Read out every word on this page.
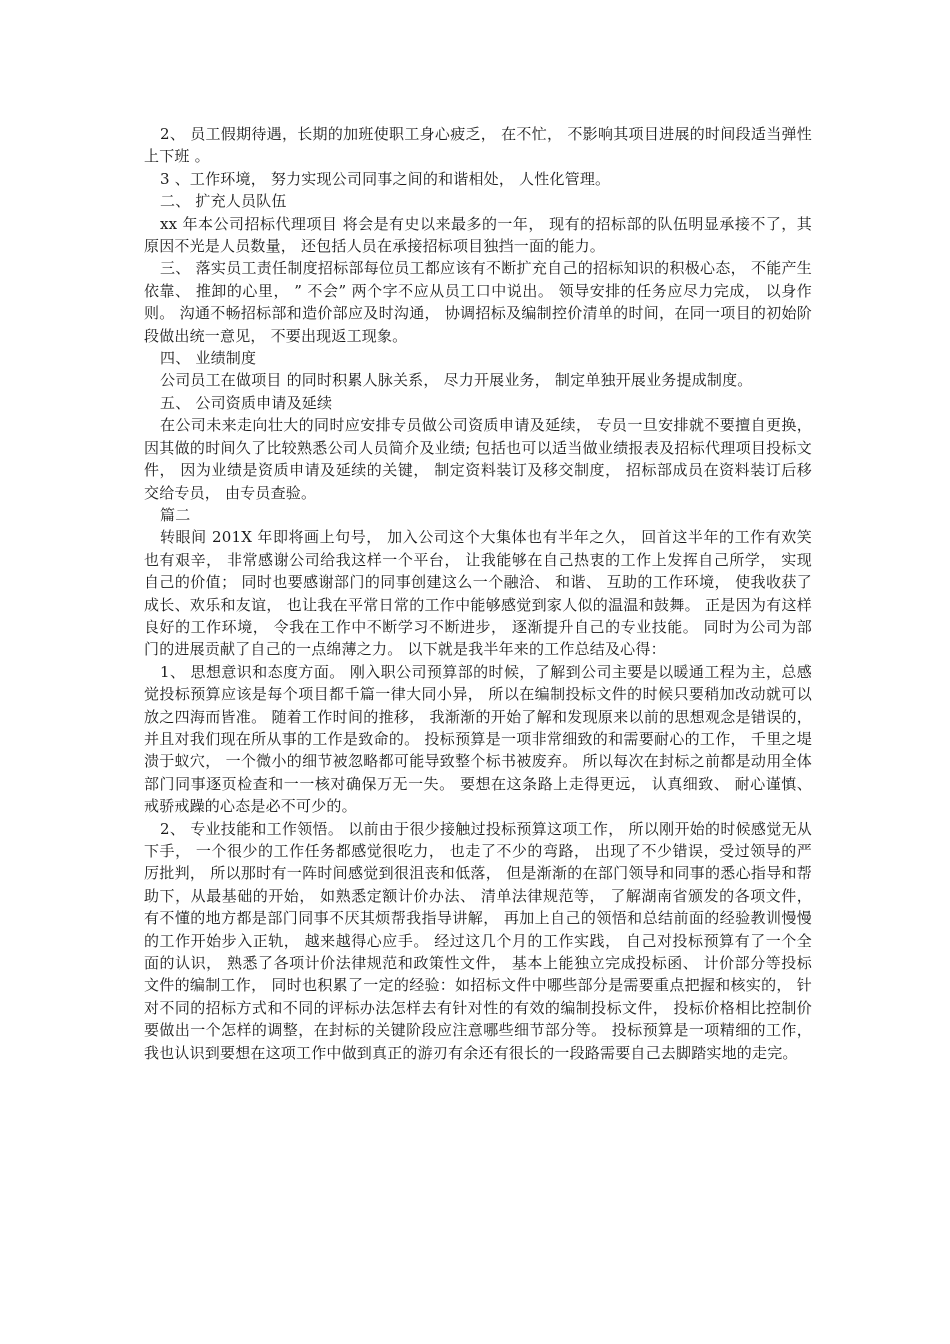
2、 员工假期待遇，长期的加班使职工身心疲乏， 在不忙， 不影响其项目进展的时间段适当弹性上下班 。

3 、工作环境， 努力实现公司同事之间的和谐相处， 人性化管理。

二、 扩充人员队伍

xx 年本公司招标代理项目 将会是有史以来最多的一年， 现有的招标部的队伍明显承接不了，其原因不光是人员数量， 还包括人员在承接招标项目独挡一面的能力。

三、 落实员工责任制度招标部每位员工都应该有不断扩充自己的招标知识的积极心态， 不能产生依靠、 推卸的心里， ” 不会” 两个字不应从员工口中说出。 领导安排的任务应尽力完成， 以身作则。 沟通不畅招标部和造价部应及时沟通， 协调招标及编制控价清单的时间，在同一项目的初始阶段做出统一意见， 不要出现返工现象。

四、 业绩制度

公司员工在做项目 的同时积累人脉关系， 尽力开展业务， 制定单独开展业务提成制度。

五、 公司资质申请及延续

在公司未来走向壮大的同时应安排专员做公司资质申请及延续， 专员一旦安排就不要擅自更换， 因其做的时间久了比较熟悉公司人员简介及业绩; 包括也可以适当做业绩报表及招标代理项目投标文件， 因为业绩是资质申请及延续的关键， 制定资料装订及移交制度， 招标部成员在资料装订后移交给专员， 由专员查验。

篇二

转眼间 201X 年即将画上句号， 加入公司这个大集体也有半年之久， 回首这半年的工作有欢笑也有艰辛， 非常感谢公司给我这样一个平台， 让我能够在自己热衷的工作上发挥自己所学， 实现自己的价值； 同时也要感谢部门的同事创建这么一个融洽、 和谐、 互助的工作环境， 使我收获了成长、欢乐和友谊， 也让我在平常日常的工作中能够感觉到家人似的温温和鼓舞。 正是因为有这样良好的工作环境， 令我在工作中不断学习不断进步， 逐渐提升自己的专业技能。 同时为公司为部门的进展贡献了自己的一点绵薄之力。 以下就是我半年来的工作总结及心得：

1、 思想意识和态度方面。 刚入职公司预算部的时候，了解到公司主要是以暖通工程为主，总感觉投标预算应该是每个项目都千篇一律大同小异， 所以在编制投标文件的时候只要稍加改动就可以放之四海而皆准。 随着工作时间的推移， 我渐渐的开始了解和发现原来以前的思想观念是错误的， 并且对我们现在所从事的工作是致命的。 投标预算是一项非常细致的和需要耐心的工作， 千里之堤溃于蚁穴， 一个微小的细节被忽略都可能导致整个标书被废弃。 所以每次在封标之前都是动用全体部门同事逐页检查和一一核对确保万无一失。 要想在这条路上走得更远， 认真细致、 耐心谨慎、戒骄戒躁的心态是必不可少的。

2、 专业技能和工作领悟。 以前由于很少接触过投标预算这项工作， 所以刚开始的时候感觉无从下手， 一个很少的工作任务都感觉很吃力， 也走了不少的弯路， 出现了不少错误，受过领导的严厉批判， 所以那时有一阵时间感觉到很沮丧和低落， 但是渐渐的在部门领导和同事的悉心指导和帮助下，从最基础的开始， 如熟悉定额计价办法、 清单法律规范等， 了解湖南省颁发的各项文件， 有不懂的地方都是部门同事不厌其烦帮我指导讲解， 再加上自己的领悟和总结前面的经验教训慢慢的工作开始步入正轨， 越来越得心应手。 经过这几个月的工作实践， 自己对投标预算有了一个全面的认识， 熟悉了各项计价法律规范和政策性文件， 基本上能独立完成投标函、 计价部分等投标文件的编制工作， 同时也积累了一定的经验：如招标文件中哪些部分是需要重点把握和核实的， 针对不同的招标方式和不同的评标办法怎样去有针对性的有效的编制投标文件， 投标价格相比控制价要做出一个怎样的调整，在封标的关键阶段应注意哪些细节部分等。 投标预算是一项精细的工作， 我也认识到要想在这项工作中做到真正的游刃有余还有很长的一段路需要自己去脚踏实地的走完。
